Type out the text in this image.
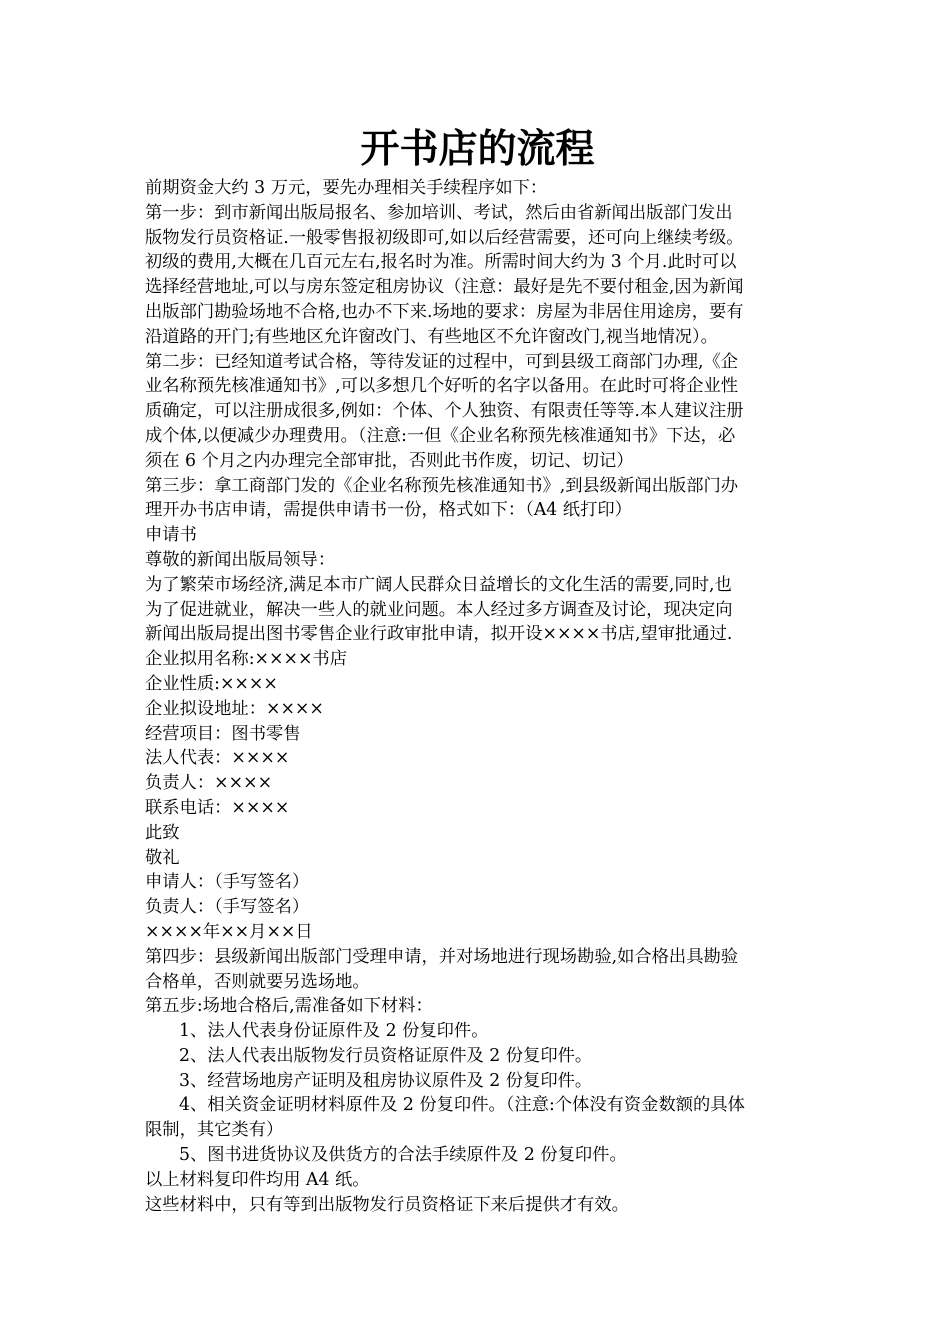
开书店的流程

前期资金大约 3 万元，要先办理相关手续程序如下：

第一步：到市新闻出版局报名、参加培训、考试，然后由省新闻出版部门发出
版物发行员资格证.一般零售报初级即可,如以后经营需要，还可向上继续考级。
初级的费用,大概在几百元左右,报名时为准。所需时间大约为 3 个月.此时可以
选择经营地址,可以与房东签定租房协议（注意：最好是先不要付租金,因为新闻
出版部门勘验场地不合格,也办不下来.场地的要求：房屋为非居住用途房，要有
沿道路的开门;有些地区允许窗改门、有些地区不允许窗改门,视当地情况）。

第二步：已经知道考试合格，等待发证的过程中，可到县级工商部门办理,《企
业名称预先核准通知书》,可以多想几个好听的名字以备用。在此时可将企业性
质确定，可以注册成很多,例如：个体、个人独资、有限责任等等.本人建议注册
成个体,以便减少办理费用。（注意:一但《企业名称预先核准通知书》下达，必
须在 6 个月之内办理完全部审批，否则此书作废，切记、切记）

第三步：拿工商部门发的《企业名称预先核准通知书》,到县级新闻出版部门办
理开办书店申请，需提供申请书一份，格式如下：（A4 纸打印）

申请书

尊敬的新闻出版局领导：

为了繁荣市场经济,满足本市广阔人民群众日益增长的文化生活的需要,同时,也
为了促进就业，解决一些人的就业问题。本人经过多方调查及讨论，现决定向
新闻出版局提出图书零售企业行政审批申请，拟开设××××书店,望审批通过.

企业拟用名称:××××书店

企业性质:××××

企业拟设地址：××××

经营项目：图书零售

法人代表：××××

负责人：××××

联系电话：××××

此致

敬礼

申请人：（手写签名）

负责人：（手写签名）

××××年××月××日

第四步：县级新闻出版部门受理申请，并对场地进行现场勘验,如合格出具勘验
合格单，否则就要另选场地。

第五步:场地合格后,需准备如下材料：

1、法人代表身份证原件及 2 份复印件。

2、法人代表出版物发行员资格证原件及 2 份复印件。

3、经营场地房产证明及租房协议原件及 2 份复印件。

4、相关资金证明材料原件及 2 份复印件。（注意:个体没有资金数额的具体
限制，其它类有）

5、图书进货协议及供货方的合法手续原件及 2 份复印件。

以上材料复印件均用 A4 纸。

这些材料中，只有等到出版物发行员资格证下来后提供才有效。
